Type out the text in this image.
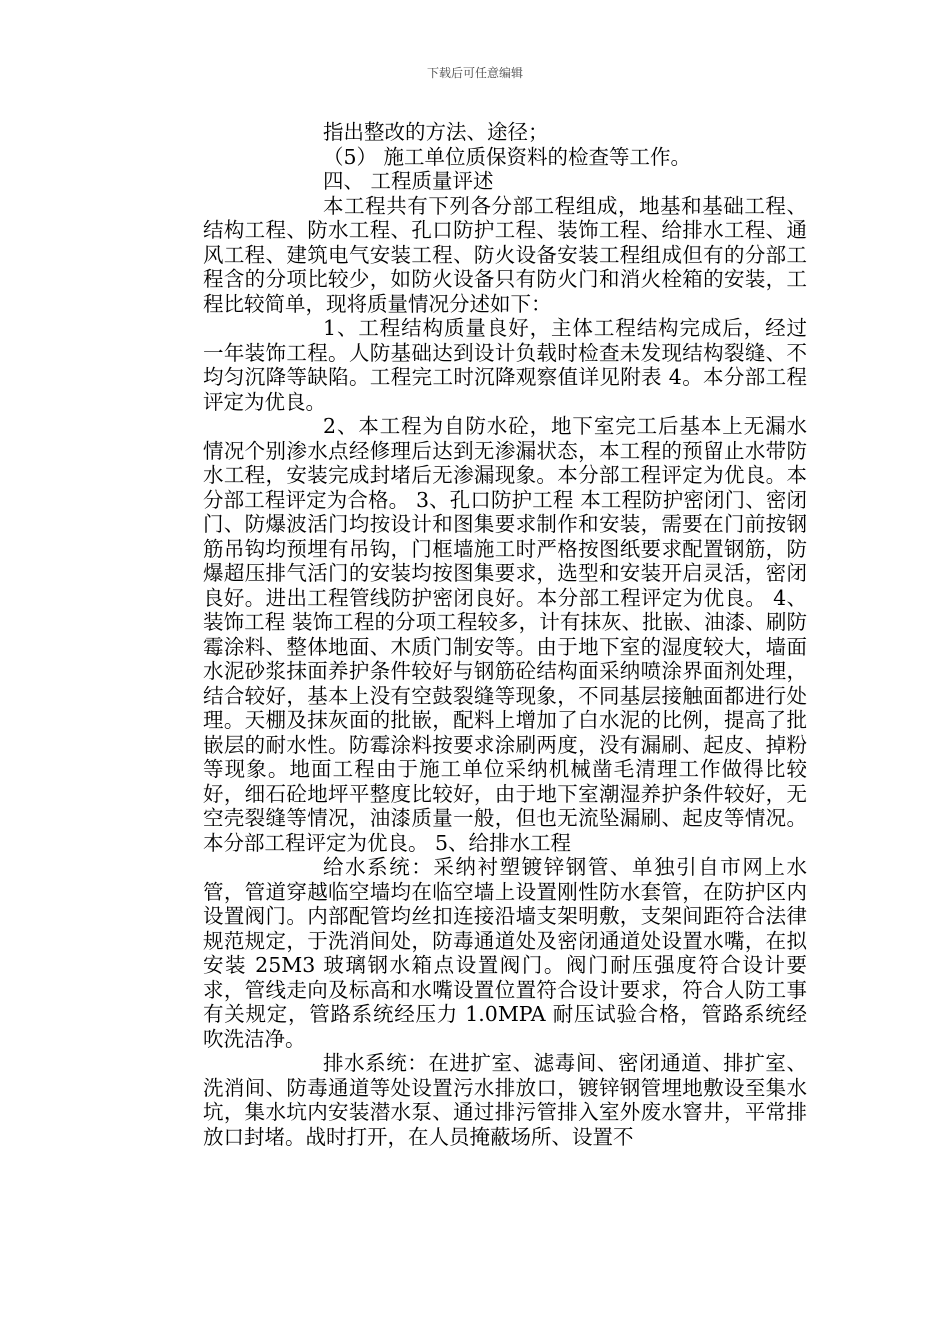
下载后可任意编辑

指出整改的方法、途径；

（5） 施工单位质保资料的检查等工作。

四、 工程质量评述

本工程共有下列各分部工程组成，地基和基础工程、结构工程、防水工程、孔口防护工程、装饰工程、给排水工程、通风工程、建筑电气安装工程、防火设备安装工程组成但有的分部工程含的分项比较少，如防火设备只有防火门和消火栓箱的安装，工程比较简单，现将质量情况分述如下：

1、工程结构质量良好，主体工程结构完成后，经过一年装饰工程。人防基础达到设计负载时检查未发现结构裂缝、不均匀沉降等缺陷。工程完工时沉降观察值详见附表 4。本分部工程评定为优良。

2、本工程为自防水砼，地下室完工后基本上无漏水情况个别渗水点经修理后达到无渗漏状态，本工程的预留止水带防水工程，安装完成封堵后无渗漏现象。本分部工程评定为优良。本分部工程评定为合格。 3、孔口防护工程 本工程防护密闭门、密闭门、防爆波活门均按设计和图集要求制作和安装，需要在门前按钢筋吊钩均预埋有吊钩，门框墙施工时严格按图纸要求配置钢筋，防爆超压排气活门的安装均按图集要求，选型和安装开启灵活，密闭良好。进出工程管线防护密闭良好。本分部工程评定为优良。 4、装饰工程 装饰工程的分项工程较多，计有抹灰、批嵌、油漆、刷防霉涂料、整体地面、木质门制安等。由于地下室的湿度较大，墙面水泥砂浆抹面养护条件较好与钢筋砼结构面采纳喷涂界面剂处理，结合较好，基本上没有空鼓裂缝等现象，不同基层接触面都进行处理。天棚及抹灰面的批嵌，配料上增加了白水泥的比例，提高了批嵌层的耐水性。防霉涂料按要求涂刷两度，没有漏刷、起皮、掉粉等现象。地面工程由于施工单位采纳机械凿毛清理工作做得比较好，细石砼地坪平整度比较好，由于地下室潮湿养护条件较好，无空壳裂缝等情况，油漆质量一般，但也无流坠漏刷、起皮等情况。本分部工程评定为优良。 5、给排水工程

给水系统：采纳衬塑镀锌钢管、单独引自市网上水管，管道穿越临空墙均在临空墙上设置刚性防水套管，在防护区内设置阀门。内部配管均丝扣连接沿墙支架明敷，支架间距符合法律规范规定，于洗消间处，防毒通道处及密闭通道处设置水嘴，在拟安装 25M3 玻璃钢水箱点设置阀门。阀门耐压强度符合设计要求，管线走向及标高和水嘴设置位置符合设计要求，符合人防工事有关规定，管路系统经压力 1.0MPA 耐压试验合格，管路系统经吹洗洁净。

排水系统：在进扩室、滤毒间、密闭通道、排扩室、洗消间、防毒通道等处设置污水排放口，镀锌钢管埋地敷设至集水坑，集水坑内安装潜水泵、通过排污管排入室外废水窨井，平常排放口封堵。战时打开，在人员掩蔽场所、设置不
